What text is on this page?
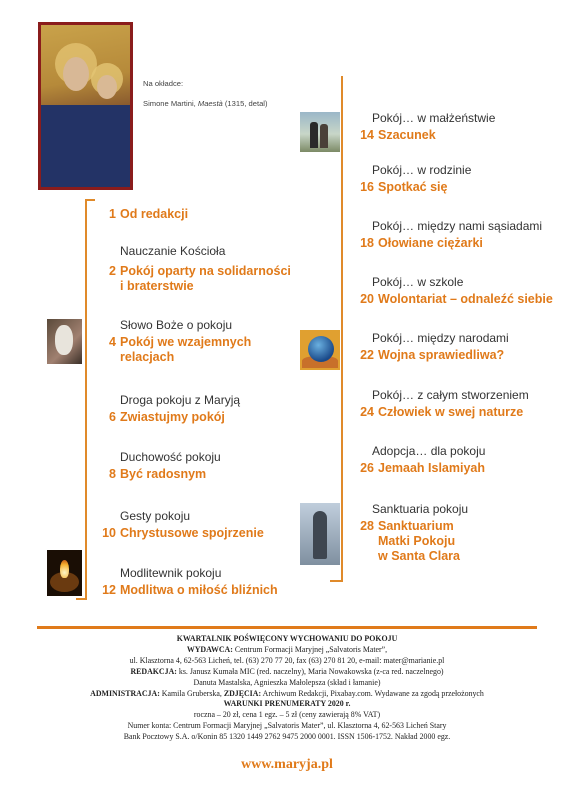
Na okładce:
Simone Martini, Maestà (1315, detal)
1 Od redakcji
Nauczanie Kościoła
2 Pokój oparty na solidarności
i braterstwie
Słowo Boże o pokoju
4 Pokój we wzajemnych
relacjach
Droga pokoju z Maryją
6 Zwiastujmy pokój
Duchowość pokoju
8 Być radosnym
Gesty pokoju
10 Chrystusowe spojrzenie
Modlitewnik pokoju
12 Modlitwa o miłość bliźnich
Pokój… w małżeństwie
14 Szacunek
Pokój… w rodzinie
16 Spotkać się
Pokój… między nami sąsiadami
18 Ołowiane ciężarki
Pokój… w szkole
20 Wolontariat – odnaleźć siebie
Pokój… między narodami
22 Wojna sprawiedliwa?
Pokój… z całym stworzeniem
24 Człowiek w swej naturze
Adopcja… dla pokoju
26 Jemaah Islamiyah
Sanktuaria pokoju
28 Sanktuarium
Matki Pokoju
w Santa Clara
KWARTALNIK POŚWIĘCONY WYCHOWANIU DO POKOJU
WYDAWCA: Centrum Formacji Maryjnej „Salvatoris Mater”,
ul. Klasztorna 4, 62-563 Licheń, tel. (63) 270 77 20, fax (63) 270 81 20, e-mail: mater@marianie.pl
REDAKCJA: ks. Janusz Kumała MIC (red. naczelny), Maria Nowakowska (z-ca red. naczelnego)
Danuta Mastalska, Agnieszka Małolepsza (skład i łamanie)
ADMINISTRACJA: Kamila Gruberska, ZDJĘCIA: Archiwum Redakcji, Pixabay.com. Wydawane za zgodą przełożonych
WARUNKI PRENUMERATY 2020 r.
roczna – 20 zł, cena 1 egz. – 5 zł (ceny zawierają 8% VAT)
Numer konta: Centrum Formacji Maryjnej „Salvatoris Mater”, ul. Klasztorna 4, 62-563 Licheń Stary
Bank Pocztowy S.A. o/Konin 85 1320 1449 2762 9475 2000 0001. ISSN 1506-1752. Nakład 2000 egz.
www.maryja.pl
